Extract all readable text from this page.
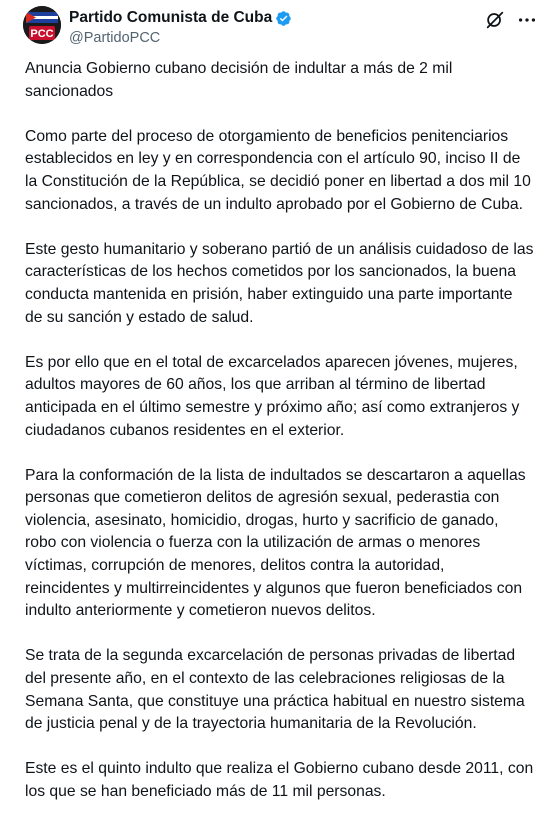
PCC
Partido Comunista de Cuba
@PartidoPCC

Anuncia Gobierno cubano decisión de indultar a más de 2 mil
sancionados

Como parte del proceso de otorgamiento de beneficios penitenciarios
establecidos en ley y en correspondencia con el artículo 90, inciso II de
la Constitución de la República, se decidió poner en libertad a dos mil 10
sancionados, a través de un indulto aprobado por el Gobierno de Cuba.

Este gesto humanitario y soberano partió de un análisis cuidadoso de las
características de los hechos cometidos por los sancionados, la buena
conducta mantenida en prisión, haber extinguido una parte importante
de su sanción y estado de salud.

Es por ello que en el total de excarcelados aparecen jóvenes, mujeres,
adultos mayores de 60 años, los que arriban al término de libertad
anticipada en el último semestre y próximo año; así como extranjeros y
ciudadanos cubanos residentes en el exterior.

Para la conformación de la lista de indultados se descartaron a aquellas
personas que cometieron delitos de agresión sexual, pederastia con
violencia, asesinato, homicidio, drogas, hurto y sacrificio de ganado,
robo con violencia o fuerza con la utilización de armas o menores
víctimas, corrupción de menores, delitos contra la autoridad,
reincidentes y multirreincidentes y algunos que fueron beneficiados con
indulto anteriormente y cometieron nuevos delitos.

Se trata de la segunda excarcelación de personas privadas de libertad
del presente año, en el contexto de las celebraciones religiosas de la
Semana Santa, que constituye una práctica habitual en nuestro sistema
de justicia penal y de la trayectoria humanitaria de la Revolución.

Este es el quinto indulto que realiza el Gobierno cubano desde 2011, con
los que se han beneficiado más de 11 mil personas.
